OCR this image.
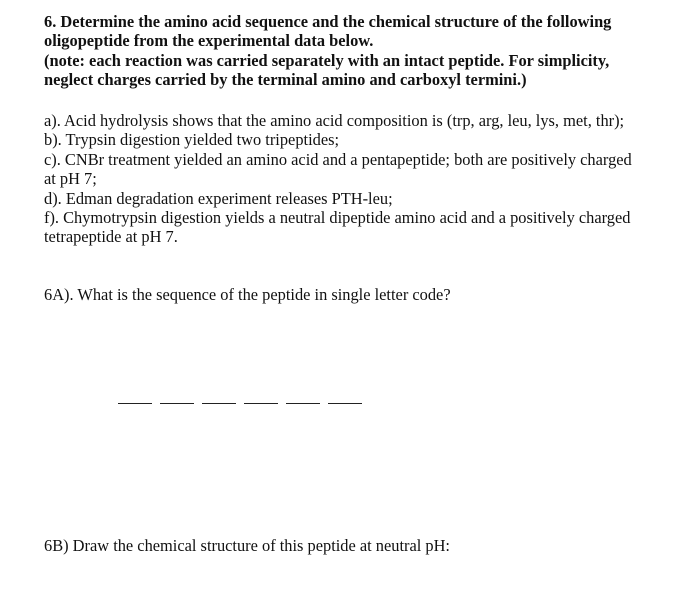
6. Determine the amino acid sequence and the chemical structure of the following
oligopeptide from the experimental data below.
(note: each reaction was carried separately with an intact peptide. For simplicity,
neglect charges carried by the terminal amino and carboxyl termini.)
a). Acid hydrolysis shows that the amino acid composition is (trp, arg, leu, lys, met, thr);
b). Trypsin digestion yielded two tripeptides;
c). CNBr treatment yielded an amino acid and a pentapeptide; both are positively charged
at pH 7;
d). Edman degradation experiment releases PTH-leu;
f). Chymotrypsin digestion yields a neutral dipeptide amino acid and a positively charged
tetrapeptide at pH 7.
6A). What is the sequence of the peptide in single letter code?
6B) Draw the chemical structure of this peptide at neutral pH:
